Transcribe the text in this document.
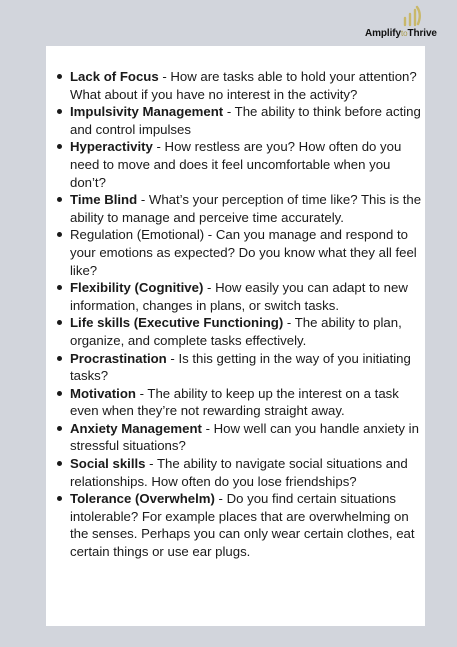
AmplifytoThrive
Lack of Focus - How are tasks able to hold your attention? What about if you have no interest in the activity?
Impulsivity Management - The ability to think before acting and control impulses
Hyperactivity - How restless are you? How often do you need to move and does it feel uncomfortable when you don’t?
Time Blind - What’s your perception of time like? This is the ability to manage and perceive time accurately.
Regulation (Emotional) - Can you manage and respond to your emotions as expected? Do you know what they all feel like?
Flexibility (Cognitive) - How easily you can adapt to new information, changes in plans, or switch tasks.
Life skills (Executive Functioning) - The ability to plan, organize, and complete tasks effectively.
Procrastination - Is this getting in the way of you initiating tasks?
Motivation - The ability to keep up the interest on a task even when they’re not rewarding straight away.
Anxiety Management - How well can you handle anxiety in stressful situations?
Social skills - The ability to navigate social situations and relationships. How often do you lose friendships?
Tolerance (Overwhelm) - Do you find certain situations intolerable? For example places that are overwhelming on the senses. Perhaps you can only wear certain clothes, eat certain things or use ear plugs.
